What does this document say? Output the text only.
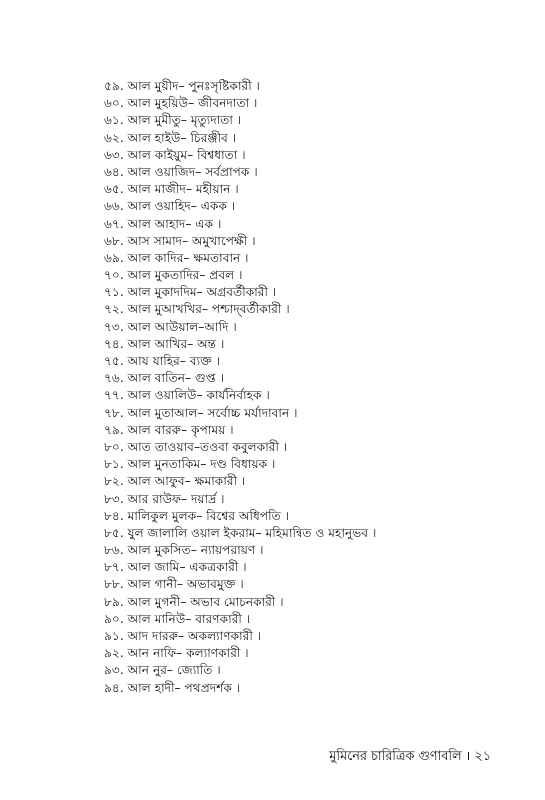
৫৯. আল মুয়ীদ– পুনঃসৃষ্টিকারী ।
৬০. আল মুহয়িউ– জীবনদাতা ।
৬১. আল মুমীতু– মৃত্যুদাতা ।
৬২. আল হাইউ– চিরঞ্জীব ।
৬৩. আল কাইয়ুম– বিশ্বধাতা ।
৬৪. আল ওয়াজিদ– সর্বপ্রাপক ।
৬৫. আল মাজীদ– মহীয়ান ।
৬৬. আল ওয়াহিদ– একক ।
৬৭. আল আহাদ– এক ।
৬৮. আস সামাদ– অমুখাপেক্ষী ।
৬৯. আল কাদির– ক্ষমতাবান ।
৭০. আল মুকতাদির– প্রবল ।
৭১. আল মুকাদদিম– অগ্রবর্তীকারী ।
৭২. আল মুআখখির– পশ্চাদ্‌বর্তীকারী ।
৭৩. আল আউয়াল–আদি ।
৭৪. আল আখির– অন্ত ।
৭৫. আয যাহির– ব্যক্ত ।
৭৬. আল বাতিন– গুপ্ত ।
৭৭. আল ওয়ালিউ– কার্যনির্বাহক ।
৭৮. আল মুতাআল– সর্বোচ্চ মর্যাদাবান ।
৭৯. আল বাররু– কৃপাময় ।
৮০. আত তাওয়াব–তওবা কবুলকারী ।
৮১. আল মুনতাকিম– দণ্ড বিধায়ক ।
৮২. আল আফুব– ক্ষমাকারী ।
৮৩. আর রাউফ– দয়ার্দ্র ।
৮৪. মালিকুল মুলক– বিশ্বের অধিপতি ।
৮৫. যুল জালালি ওয়াল ইকরাম– মহিমান্বিত ও মহানুভব ।
৮৬. আল মুকসিত– ন্যায়পরায়ণ ।
৮৭. আল জামি– একত্রকারী ।
৮৮. আল গানী– অভাবমুক্ত ।
৮৯. আল মুগনী– অভাব মোচনকারী ।
৯০. আল মানিউ– বারণকারী ।
৯১. আদ দাররু– অকল্যাণকারী ।
৯২. আন নাফি– কল্যাণকারী ।
৯৩. আন নুর– জ্যোতি ।
৯৪. আল হাদী– পথপ্রদর্শক ।
মুমিনের চারিত্রিক গুণাবলি । ২১
